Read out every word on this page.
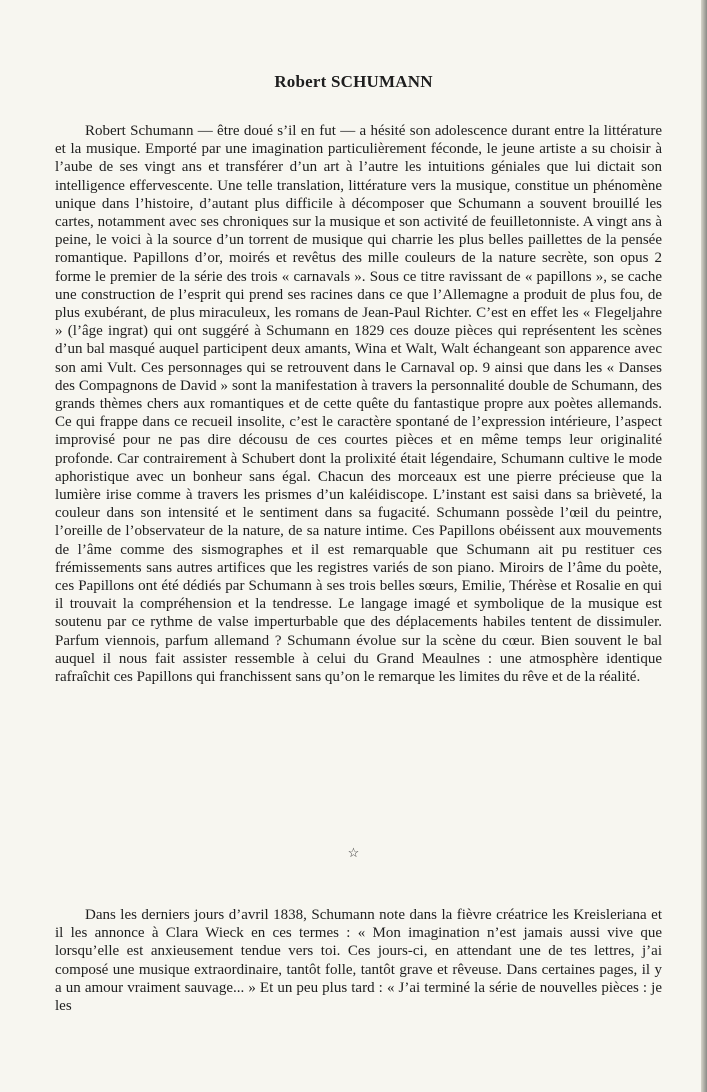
Robert SCHUMANN

Robert Schumann — être doué s’il en fut — a hésité son adolescence durant entre la littérature et la musique. Emporté par une imagination particulièrement féconde, le jeune artiste a su choisir à l’aube de ses vingt ans et transférer d’un art à l’autre les intuitions géniales que lui dictait son intelligence effervescente. Une telle translation, littérature vers la musique, constitue un phénomène unique dans l’histoire, d’autant plus difficile à décomposer que Schumann a souvent brouillé les cartes, notamment avec ses chroniques sur la musique et son activité de feuilletonniste. A vingt ans à peine, le voici à la source d’un torrent de musique qui charrie les plus belles paillettes de la pensée romantique. Papillons d’or, moirés et revêtus des mille couleurs de la nature secrète, son opus 2 forme le premier de la série des trois « carnavals ». Sous ce titre ravissant de « papillons », se cache une construction de l’esprit qui prend ses racines dans ce que l’Allemagne a produit de plus fou, de plus exubérant, de plus miraculeux, les romans de Jean-Paul Richter. C’est en effet les « Flegeljahre » (l’âge ingrat) qui ont suggéré à Schumann en 1829 ces douze pièces qui représentent les scènes d’un bal masqué auquel participent deux amants, Wina et Walt, Walt échangeant son apparence avec son ami Vult. Ces personnages qui se retrouvent dans le Carnaval op. 9 ainsi que dans les « Danses des Compagnons de David » sont la manifestation à travers la personnalité double de Schumann, des grands thèmes chers aux romantiques et de cette quête du fantastique propre aux poètes allemands. Ce qui frappe dans ce recueil insolite, c’est le caractère spontané de l’expression intérieure, l’aspect improvisé pour ne pas dire décousu de ces courtes pièces et en même temps leur originalité profonde. Car contrairement à Schubert dont la prolixité était légendaire, Schumann cultive le mode aphoristique avec un bonheur sans égal. Chacun des morceaux est une pierre précieuse que la lumière irise comme à travers les prismes d’un kaléidiscope. L’instant est saisi dans sa brièveté, la couleur dans son intensité et le sentiment dans sa fugacité. Schumann possède l’œil du peintre, l’oreille de l’observateur de la nature, de sa nature intime. Ces Papillons obéissent aux mouvements de l’âme comme des sismographes et il est remarquable que Schumann ait pu restituer ces frémissements sans autres artifices que les registres variés de son piano. Miroirs de l’âme du poète, ces Papillons ont été dédiés par Schumann à ses trois belles sœurs, Emilie, Thérèse et Rosalie en qui il trouvait la compréhension et la tendresse. Le langage imagé et symbolique de la musique est soutenu par ce rythme de valse imperturbable que des déplacements habiles tentent de dissimuler. Parfum viennois, parfum allemand ? Schumann évolue sur la scène du cœur. Bien souvent le bal auquel il nous fait assister ressemble à celui du Grand Meaulnes : une atmosphère identique rafraîchit ces Papillons qui franchissent sans qu’on le remarque les limites du rêve et de la réalité.

☆

Dans les derniers jours d’avril 1838, Schumann note dans la fièvre créatrice les Kreisleriana et il les annonce à Clara Wieck en ces termes : « Mon imagination n’est jamais aussi vive que lorsqu’elle est anxieusement tendue vers toi. Ces jours-ci, en attendant une de tes lettres, j’ai composé une musique extraordinaire, tantôt folle, tantôt grave et rêveuse. Dans certaines pages, il y a un amour vraiment sauvage... » Et un peu plus tard : « J’ai terminé la série de nouvelles pièces : je les
